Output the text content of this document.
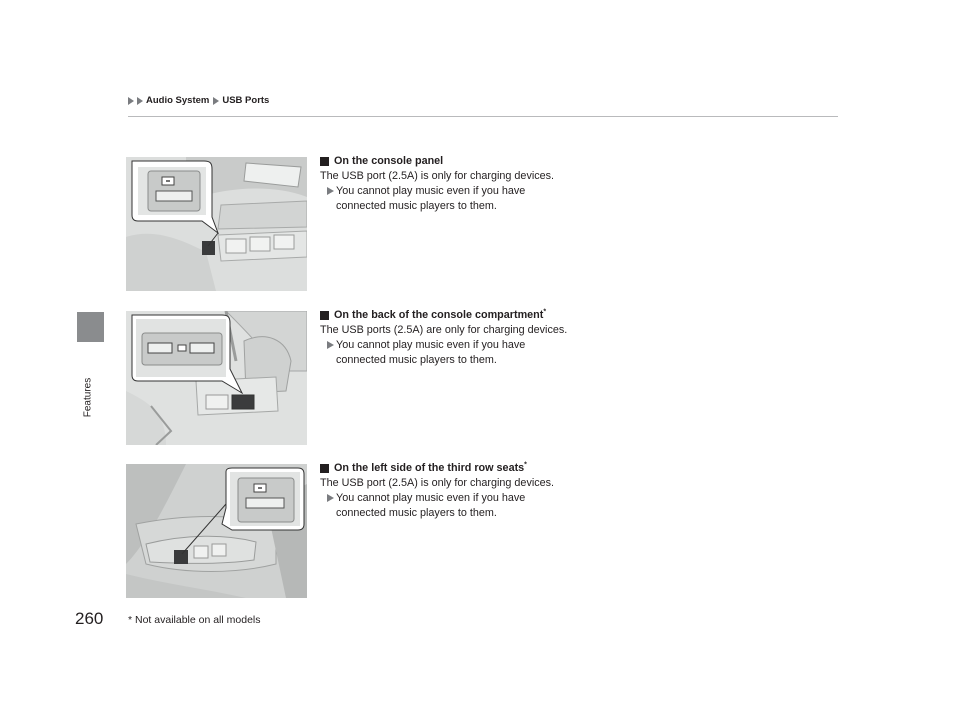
Features
Audio System USB Ports
On the console panel
The USB port (2.5A) is only for charging devices.
You cannot play music even if you have connected music players to them.
On the back of the console compartment*
The USB ports (2.5A) are only for charging devices.
You cannot play music even if you have connected music players to them.
On the left side of the third row seats*
The USB port (2.5A) is only for charging devices.
You cannot play music even if you have connected music players to them.
260 * Not available on all models
